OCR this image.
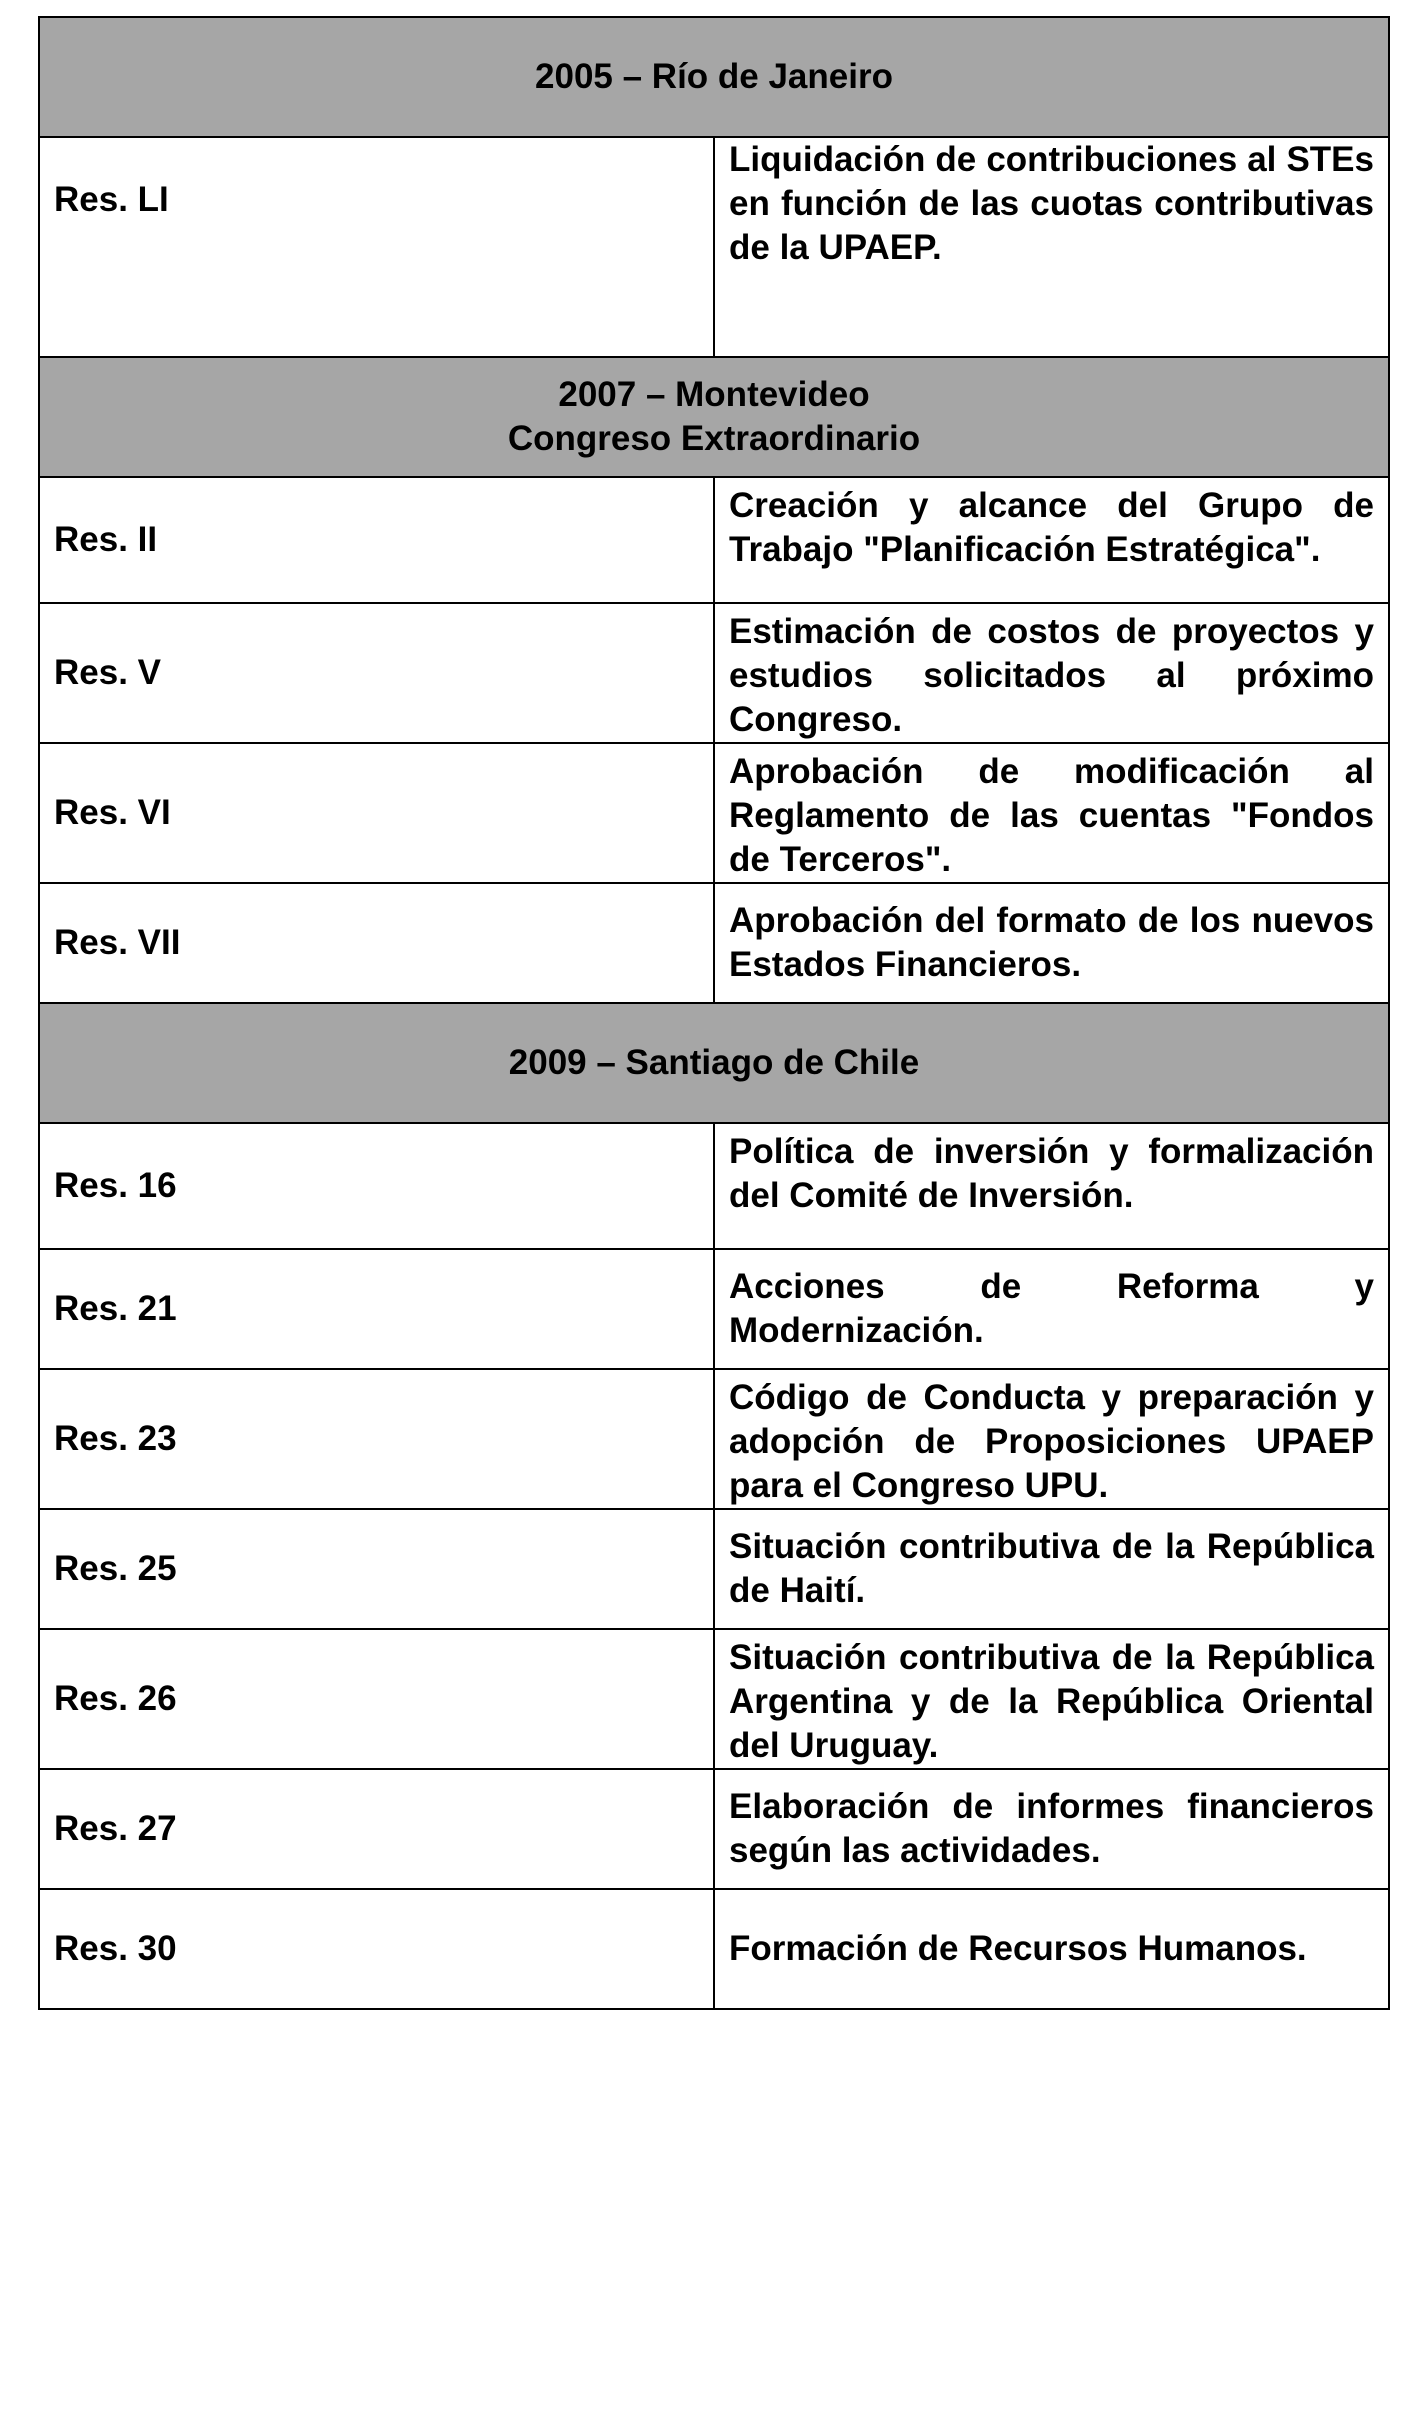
2005 – Río de Janeiro	

Res. LI	Liquidación de contribuciones al STEs en función de las cuotas contributivas de la UPAEP.

2007 – Montevideo
Congreso Extraordinario	

Res. II	Creación y alcance del Grupo de Trabajo "Planificación Estratégica".
Res. V	Estimación de costos de proyectos y estudios solicitados al próximo Congreso.
Res. VI	Aprobación de modificación al Reglamento de las cuentas "Fondos de Terceros".
Res. VII	Aprobación del formato de los nuevos Estados Financieros.

2009 – Santiago de Chile	

Res. 16	Política de inversión y formalización del Comité de Inversión.
Res. 21	Acciones de Reforma y Modernización.
Res. 23	Código de Conducta y preparación y adopción de Proposiciones UPAEP para el Congreso UPU.
Res. 25	Situación contributiva de la República de Haití.
Res. 26	Situación contributiva de la República Argentina y de la República Oriental del Uruguay.
Res. 27	Elaboración de informes financieros según las actividades.
Res. 30	Formación de Recursos Humanos.
